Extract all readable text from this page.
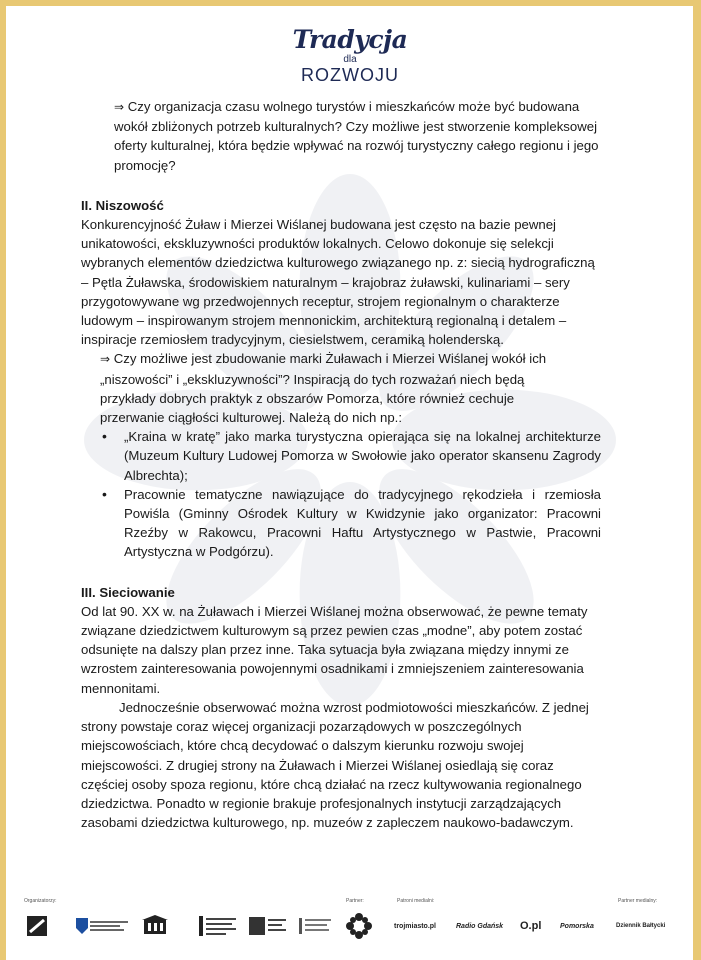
Tradycja
dla
ROZWOJU

⇒ Czy organizacja czasu wolnego turystów i mieszkańców może być budowana wokół zbliżonych potrzeb kulturalnych? Czy możliwe jest stworzenie kompleksowej oferty kulturalnej, która będzie wpływać na rozwój turystyczny całego regionu i jego promocję?

II. Niszowość

Konkurencyjność Żuław i Mierzei Wiślanej budowana jest często na bazie pewnej unikatowości, ekskluzywności produktów lokalnych. Celowo dokonuje się selekcji wybranych elementów dziedzictwa kulturowego związanego np. z: siecią hydrograficzną – Pętla Żuławska, środowiskiem naturalnym – krajobraz żuławski, kulinariami – sery przygotowywane wg przedwojennych receptur, strojem regionalnym o charakterze ludowym – inspirowanym strojem mennonickim, architekturą regionalną i detalem – inspiracje rzemiosłem tradycyjnym, ciesielstwem, ceramiką holenderską.

⇒ Czy możliwe jest zbudowanie marki Żuławach i Mierzei Wiślanej wokół ich „niszowości” i „ekskluzywności”? Inspiracją do tych rozważań niech będą przykłady dobrych praktyk z obszarów Pomorza, które również cechuje przerwanie ciągłości kulturowej. Należą do nich np.:

• „Kraina w kratę” jako marka turystyczna opierająca się na lokalnej architekturze (Muzeum Kultury Ludowej Pomorza w Swołowie jako operator skansenu Zagrody Albrechta);
• Pracownie tematyczne nawiązujące do tradycyjnego rękodzieła i rzemiosła Powiśla (Gminny Ośrodek Kultury w Kwidzynie jako organizator: Pracowni Rzeźby w Rakowcu, Pracowni Haftu Artystycznego w Pastwie, Pracowni Artystyczna w Podgórzu).

III. Sieciowanie

Od lat 90. XX w. na Żuławach i Mierzei Wiślanej można obserwować, że pewne tematy związane dziedzictwem kulturowym są przez pewien czas „modne”, aby potem zostać odsunięte na dalszy plan przez inne. Taka sytuacja była związana między innymi ze wzrostem zainteresowania powojennymi osadnikami i zmniejszeniem zainteresowania mennonitami.

Jednocześnie obserwować można wzrost podmiotowości mieszkańców. Z jednej strony powstaje coraz więcej organizacji pozarządowych w poszczególnych miejscowościach, które chcą decydować o dalszym kierunku rozwoju swojej miejscowości. Z drugiej strony na Żuławach i Mierzei Wiślanej osiedlają się coraz częściej osoby spoza regionu, które chcą działać na rzecz kultywowania regionalnego dziedzictwa. Ponadto w regionie brakuje profesjonalnych instytucji zarządzających zasobami dziedzictwa kulturowego, np. muzeów z zapleczem naukowo-badawczym.

Organizatorzy:	Partner:	Patroni medialni:	Partner medialny:
trojmiasto.pl	Radio Gdańsk O.pl	Pomorska	Dziennik Bałtycki
